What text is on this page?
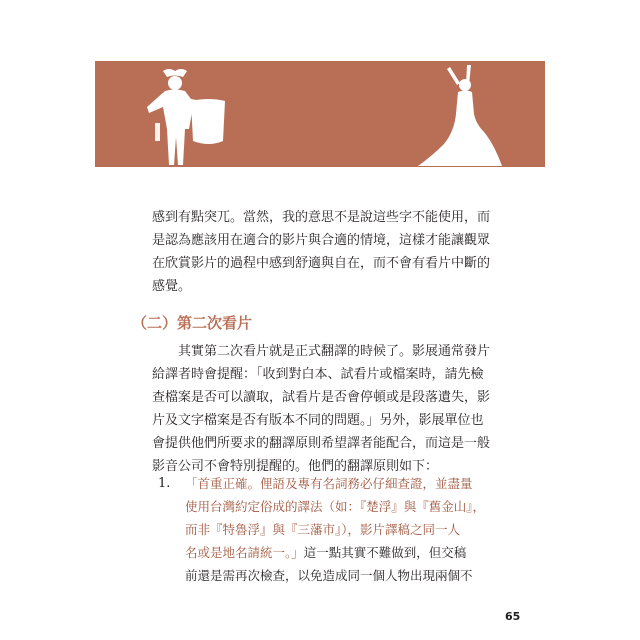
感到有點突兀。當然，我的意思不是說這些字不能使用，而

是認為應該用在適合的影片與合適的情境，這樣才能讓觀眾

在欣賞影片的過程中感到舒適與自在，而不會有看片中斷的

感覺。

（二）第二次看片

其實第二次看片就是正式翻譯的時候了。影展通常發片

給譯者時會提醒：「收到對白本、試看片或檔案時，請先檢

查檔案是否可以讀取，試看片是否會停頓或是段落遺失，影

片及文字檔案是否有版本不同的問題。」另外，影展單位也

會提供他們所要求的翻譯原則希望譯者能配合，而這是一般

影音公司不會特別提醒的。他們的翻譯原則如下：

1. 「首重正確。俚語及專有名詞務必仔細查證，並盡量

使用台灣約定俗成的譯法（如：『楚浮』與『舊金山』，

而非『特魯浮』與『三藩市』），影片譯稿之同一人

名或是地名請統一。」這一點其實不難做到，但交稿

前還是需再次檢查，以免造成同一個人物出現兩個不

65
